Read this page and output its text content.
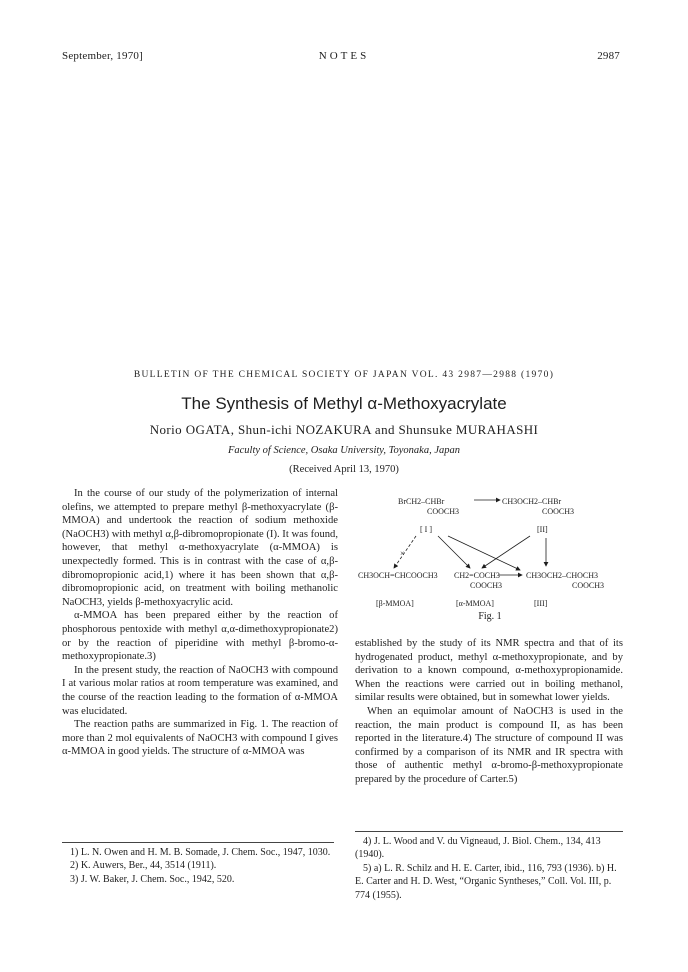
September, 1970]	NOTES	2987
BULLETIN OF THE CHEMICAL SOCIETY OF JAPAN VOL. 43 2987—2988 (1970)
The Synthesis of Methyl α-Methoxyacrylate
Norio OGATA, Shun-ichi NOZAKURA and Shunsuke MURAHASHI
Faculty of Science, Osaka University, Toyonaka, Japan
(Received April 13, 1970)

In the course of our study of the polymerization of internal olefins, we attempted to prepare methyl β-methoxyacrylate (β-MMOA) and undertook the reaction of sodium methoxide (NaOCH3) with methyl α,β-dibromopropionate (I). It was found, however, that methyl α-methoxyacrylate (α-MMOA) is unexpectedly formed. This is in contrast with the case of α,β-dibromopropionic acid,1) where it has been shown that α,β-dibromopropionic acid, on treatment with boiling methanolic NaOCH3, yields β-methoxyacrylic acid.

α-MMOA has been prepared either by the reaction of phosphorous pentoxide with methyl α,α-dimethoxypropionate2) or by the reaction of piperidine with methyl β-bromo-α-methoxypropionate.3)

In the present study, the reaction of NaOCH3 with compound I at various molar ratios at room temperature was examined, and the course of the reaction leading to the formation of α-MMOA was elucidated.

The reaction paths are summarized in Fig. 1. The reaction of more than 2 mol equivalents of NaOCH3 with compound I gives α-MMOA in good yields. The structure of α-MMOA was

BrCH2–CHBr
COOCH3
CH3OCH2–CHBr
COOCH3
[ I ]	[II]
×
CH3OCH=CHCOOCH3 CH2=COCH3
COOCH3
CH3OCH2–CHOCH3
COOCH3
[β-MMOA]	[α-MMOA]	[III]
Fig. 1

established by the study of its NMR spectra and that of its hydrogenated product, methyl α-methoxypropionate, and by derivation to a known compound, α-methoxypropionamide. When the reactions were carried out in boiling methanol, similar results were obtained, but in somewhat lower yields.

When an equimolar amount of NaOCH3 is used in the reaction, the main product is compound II, as has been reported in the literature.4) The structure of compound II was confirmed by a comparison of its NMR and IR spectra with those of authentic methyl α-bromo-β-methoxypropionate prepared by the procedure of Carter.5)

1) L. N. Owen and H. M. B. Somade, J. Chem. Soc., 1947, 1030.

2) K. Auwers, Ber., 44, 3514 (1911).

3) J. W. Baker, J. Chem. Soc., 1942, 520.

4) J. L. Wood and V. du Vigneaud, J. Biol. Chem., 134, 413 (1940).

5) a) L. R. Schilz and H. E. Carter, ibid., 116, 793 (1936). b) H. E. Carter and H. D. West, “Organic Syntheses,” Coll. Vol. III, p. 774 (1955).
